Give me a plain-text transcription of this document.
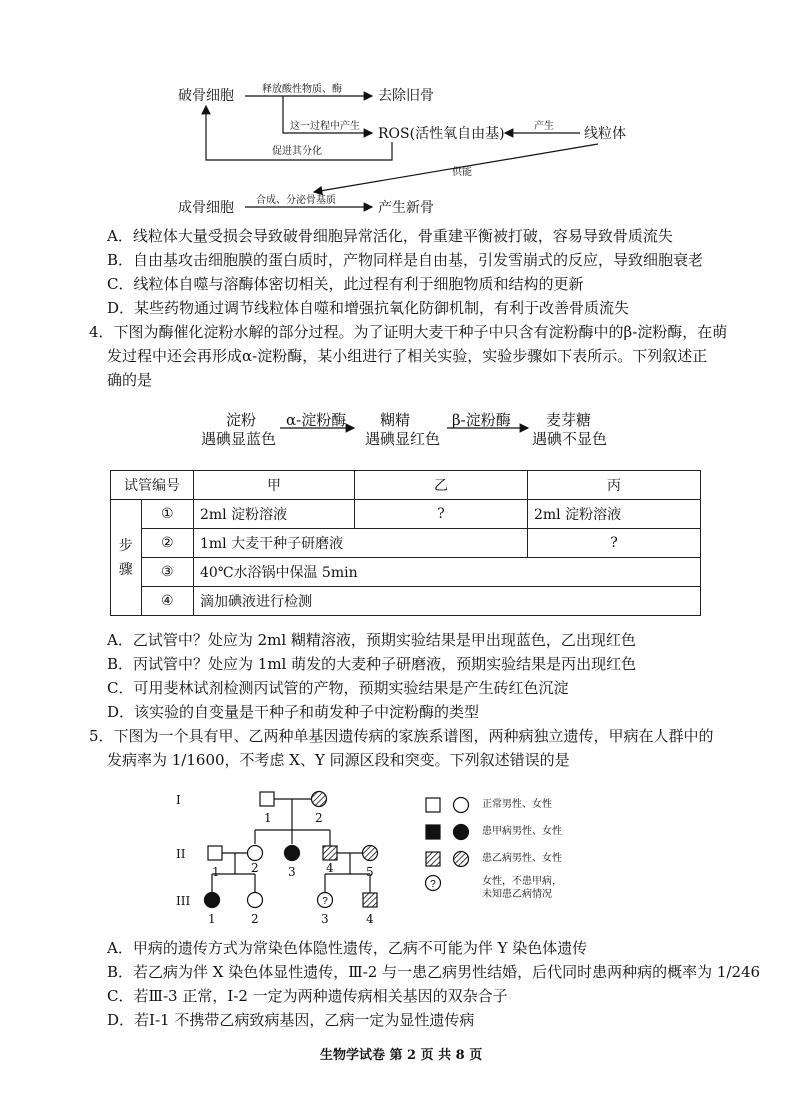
破骨细胞	释放酸性物质、酶	去除旧骨
这一过程中产生 ROS(活性氧自由基)	产生 线粒体
促进其分化
供能
成骨细胞 合成、分泌骨基质	产生新骨
A．线粒体大量受损会导致破骨细胞异常活化，骨重建平衡被打破，容易导致骨质流失
B．自由基攻击细胞膜的蛋白质时，产物同样是自由基，引发雪崩式的反应，导致细胞衰老
C．线粒体自噬与溶酶体密切相关，此过程有利于细胞物质和结构的更新
D．某些药物通过调节线粒体自噬和增强抗氧化防御机制，有利于改善骨质流失
4．下图为酶催化淀粉水解的部分过程。为了证明大麦干种子中只含有淀粉酶中的β-淀粉酶，在萌
发过程中还会再形成α-淀粉酶，某小组进行了相关实验，实验步骤如下表所示。下列叙述正
确的是
淀粉
遇碘显蓝色
α-淀粉酶 糊精
遇碘显红色
β-淀粉酶 麦芽糖
遇碘不显色
试管编号		甲	乙	丙
步骤	①	2ml 淀粉溶液	?	2ml 淀粉溶液
	②	1ml 大麦干种子研磨液		?
	③	40℃水浴锅中保温 5min		
	④	滴加碘液进行检测		
A．乙试管中？处应为 2ml 糊精溶液，预期实验结果是甲出现蓝色，乙出现红色
B．丙试管中？处应为 1ml 萌发的大麦种子研磨液，预期实验结果是丙出现红色
C．可用斐林试剂检测丙试管的产物，预期实验结果是产生砖红色沉淀
D．该实验的自变量是干种子和萌发种子中淀粉酶的类型
5．下图为一个具有甲、乙两种单基因遗传病的家族系谱图，两种病独立遗传，甲病在人群中的
发病率为 1/1600，不考虑 X、Y 同源区段和突变。下列叙述错误的是
?
?
I
II
III
1	2
1	2 3	4	5
1	2	3	4
正常男性、女性
患甲病男性、女性
患乙病男性、女性
女性，不患甲病，
未知患乙病情况
A．甲病的遗传方式为常染色体隐性遗传，乙病不可能为伴 Y 染色体遗传
B．若乙病为伴 X 染色体显性遗传，Ⅲ-2 与一患乙病男性结婚，后代同时患两种病的概率为 1/246
C．若Ⅲ-3 正常，Ⅰ-2 一定为两种遗传病相关基因的双杂合子
D．若Ⅰ-1 不携带乙病致病基因，乙病一定为显性遗传病
生物学试卷 第 2 页 共 8 页
